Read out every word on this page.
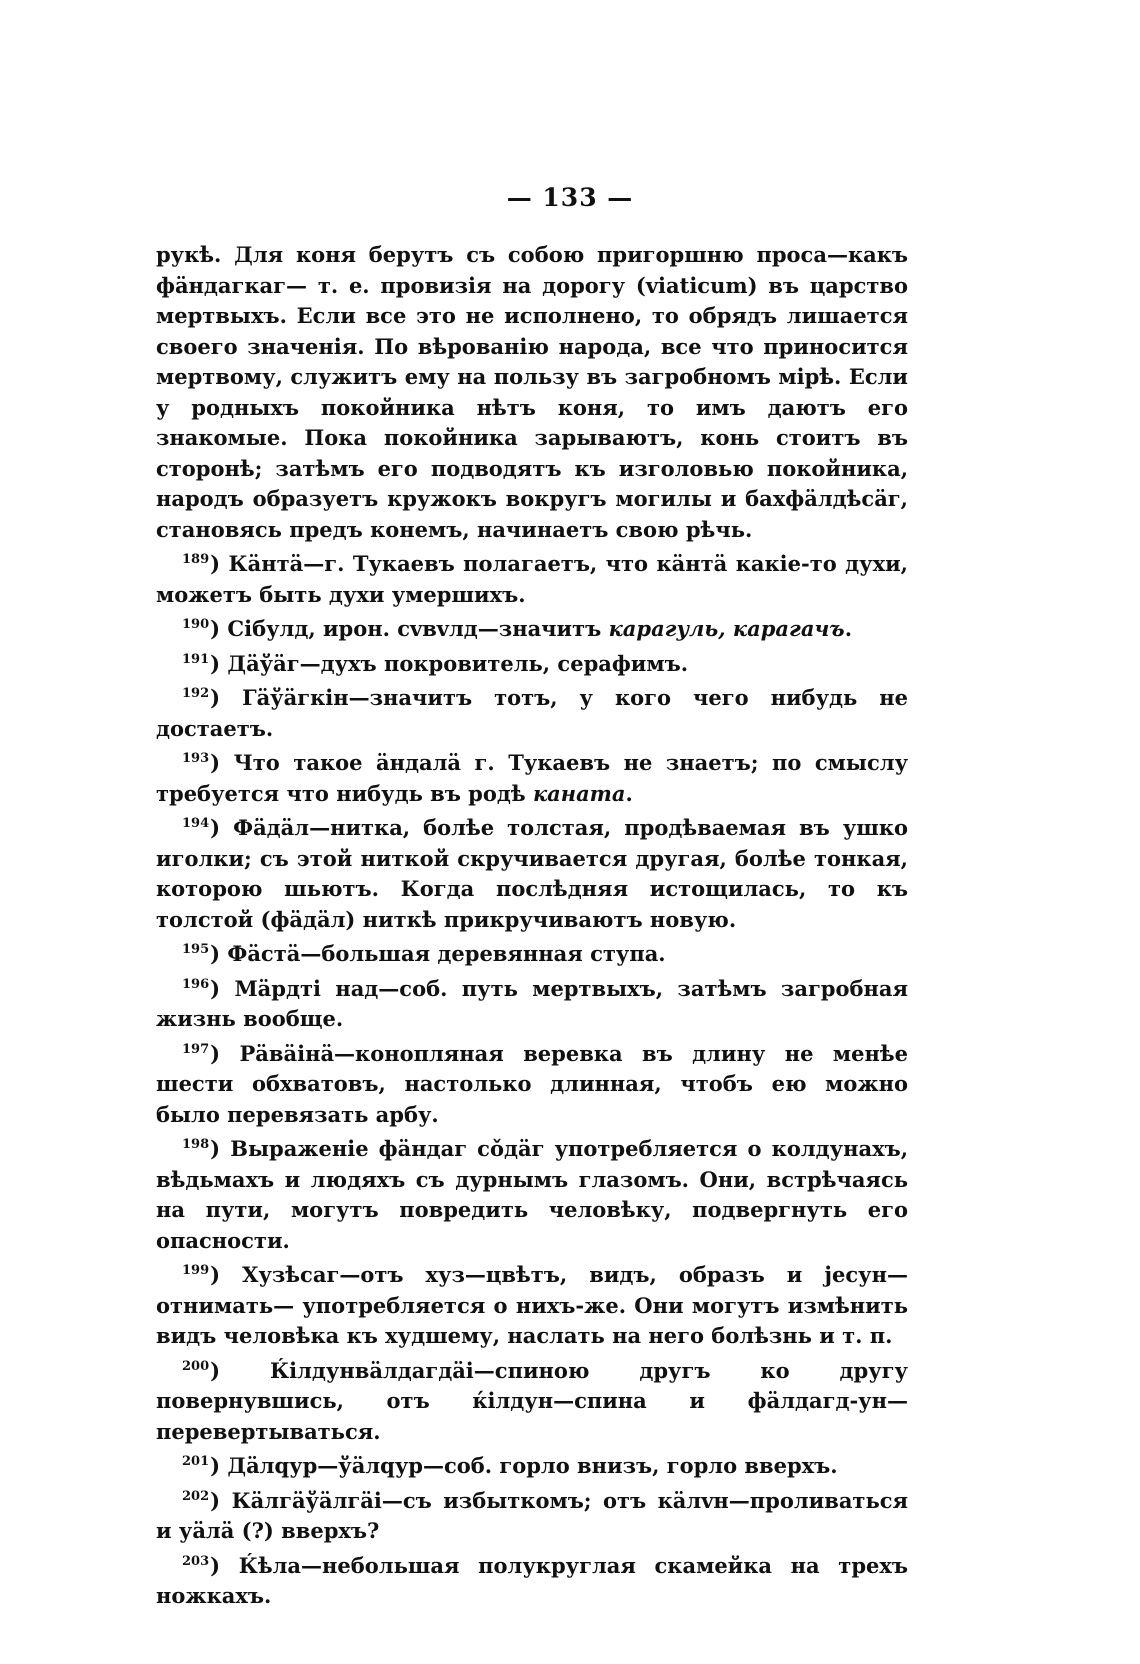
— 133 —

рукѣ. Для коня берутъ съ собою пригоршню проса—какъ фäндагкаг— т. е. провизія на дорогу (viaticum) въ царство мертвыхъ. Если все это не исполнено, то обрядъ лишается своего значенія. По вѣрованію народа, все что приносится мертвому, служитъ ему на пользу въ загробномъ мірѣ. Если у родныхъ покойника нѣтъ коня, то имъ даютъ его знакомые. Пока покойника зарываютъ, конь стоитъ въ сторонѣ; затѣмъ его подводятъ къ изголовью покойника, народъ образуетъ кружокъ вокругъ могилы и бахфäлдѣсäг, становясь предъ конемъ, начинаетъ свою рѣчь.

$^{189}$) Кäнтä—г. Тукаевъ полагаетъ, что кäнтä какіе-то духи, можетъ быть духи умершихъ.

$^{190}$) Сібулд, ирон. сvвvлд—значитъ карагуль, карагачъ.

$^{191}$) Дäўäг—духъ покровитель, серафимъ.

$^{192}$) Гäўäгкін—значитъ тотъ, у кого чего нибудь не достаетъ.

$^{193}$) Что такое äндалä г. Тукаевъ не знаетъ; по смыслу требуется что нибудь въ родѣ каната.

$^{194}$) Фäдäл—нитка, болѣе толстая, продѣваемая въ ушко иголки; съ этой ниткой скручивается другая, болѣе тонкая, которою шьютъ. Когда послѣдняя истощилась, то къ толстой (фäдäл) ниткѣ прикручиваютъ новую.

$^{195}$) Фäстä—большая деревянная ступа.

$^{196}$) Мäрдті над—соб. путь мертвыхъ, затѣмъ загробная жизнь вообще.

$^{197}$) Рäвäінä—конопляная веревка въ длину не менѣе шести обхватовъ, настолько длинная, чтобъ ею можно было перевязать арбу.

$^{198}$) Выраженіе фäндаг сǒдäг употребляется о колдунахъ, вѣдьмахъ и людяхъ съ дурнымъ глазомъ. Они, встрѣчаясь на пути, могутъ повредить человѣку, подвергнуть его опасности.

$^{199}$) Хузѣсаг—отъ хуз—цвѣтъ, видъ, образъ и jесун—отнимать— употребляется о нихъ-же. Они могутъ измѣнить видъ человѣка къ худшему, наслать на него болѣзнь и т. п.

$^{200}$) Ќілдунвäлдагдäі—спиною другъ ко другу повернувшись, отъ ќілдун—спина и фäлдагд-ун—перевертываться.

$^{201}$) Дäлqур—ўäлqур—соб. горло внизъ, горло вверхъ.

$^{202}$) Кäлгäўäлгäі—съ избыткомъ; отъ кäлvн—проливаться и уäлä (?) вверхъ?

$^{203}$) Ќѣла—небольшая полукруглая скамейка на трехъ ножкахъ.
